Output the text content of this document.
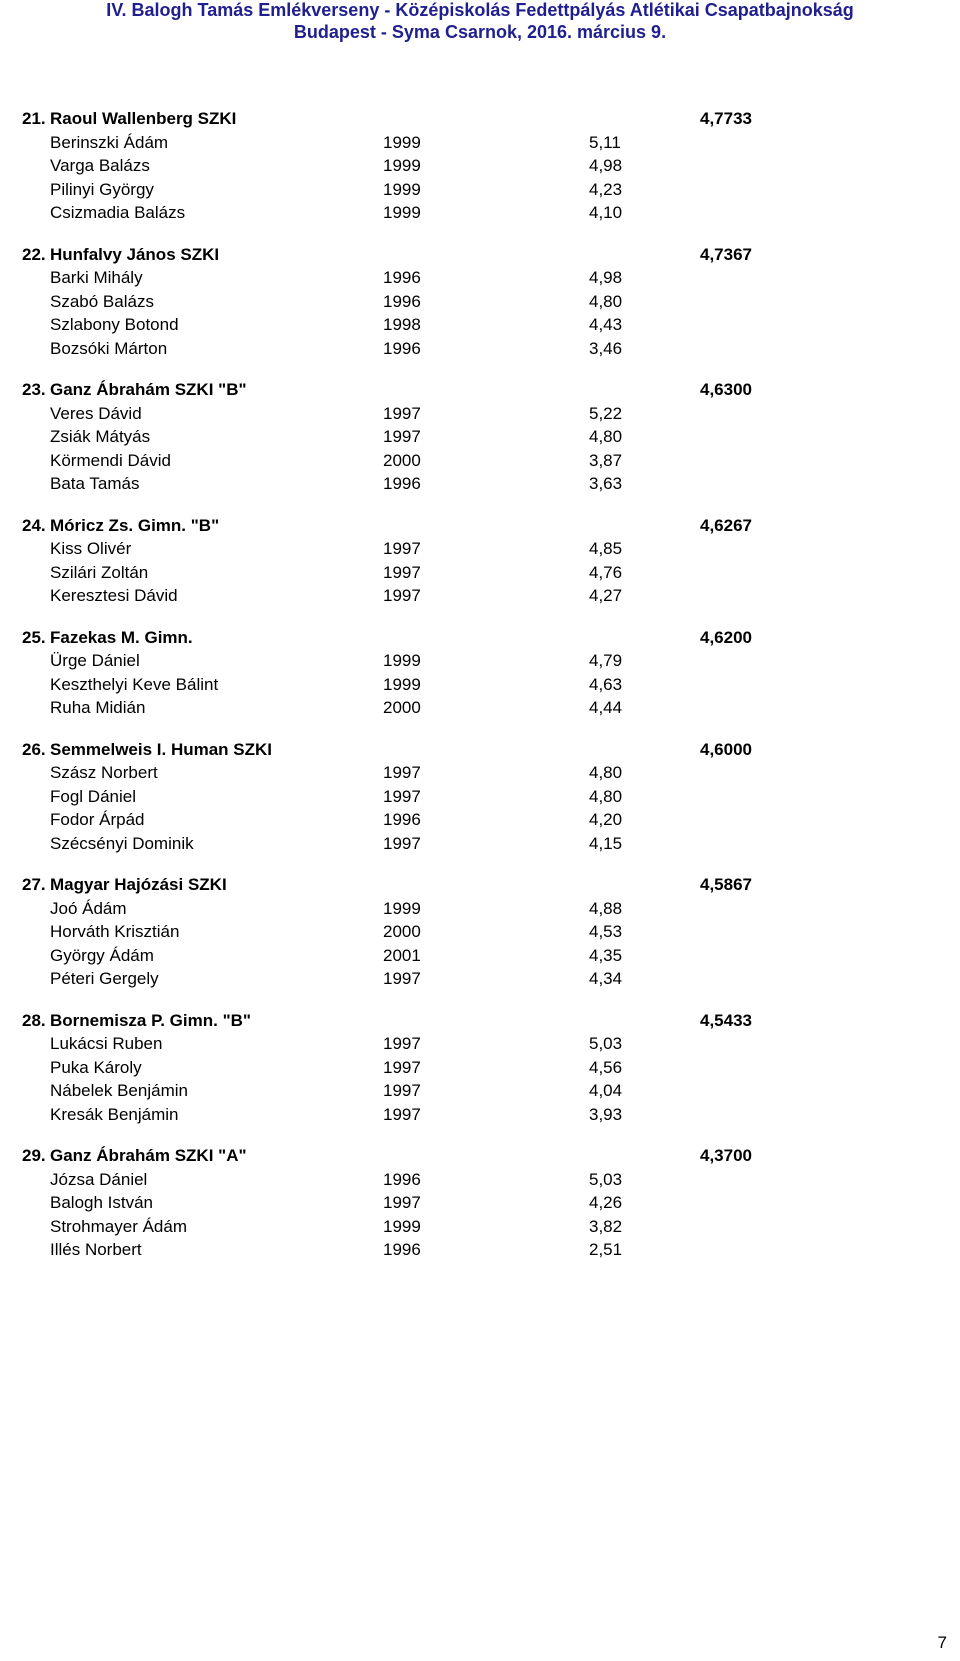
IV. Balogh Tamás Emlékverseny - Középiskolás Fedettpályás Atlétikai Csapatbajnokság
Budapest - Syma Csarnok, 2016. március 9.
21. Raoul Wallenberg SZKI	4,7733
Berinszki Ádám	1999	5,11
Varga Balázs	1999	4,98
Pilinyi György	1999	4,23
Csizmadia Balázs	1999	4,10
22. Hunfalvy János SZKI	4,7367
Barki Mihály	1996	4,98
Szabó Balázs	1996	4,80
Szlabony Botond	1998	4,43
Bozsóki Márton	1996	3,46
23. Ganz Ábrahám SZKI "B"	4,6300
Veres Dávid	1997	5,22
Zsiák Mátyás	1997	4,80
Körmendi Dávid	2000	3,87
Bata Tamás	1996	3,63
24. Móricz Zs. Gimn. "B"	4,6267
Kiss Olivér	1997	4,85
Szilári Zoltán	1997	4,76
Keresztesi Dávid	1997	4,27
25. Fazekas M. Gimn.	4,6200
Ürge Dániel	1999	4,79
Keszthelyi Keve Bálint	1999	4,63
Ruha Midián	2000	4,44
26. Semmelweis I. Human SZKI	4,6000
Szász Norbert	1997	4,80
Fogl Dániel	1997	4,80
Fodor Árpád	1996	4,20
Szécsényi Dominik	1997	4,15
27. Magyar Hajózási SZKI	4,5867
Joó Ádám	1999	4,88
Horváth Krisztián	2000	4,53
György Ádám	2001	4,35
Péteri Gergely	1997	4,34
28. Bornemisza P. Gimn. "B"	4,5433
Lukácsi Ruben	1997	5,03
Puka Károly	1997	4,56
Nábelek Benjámin	1997	4,04
Kresák Benjámin	1997	3,93
29. Ganz Ábrahám SZKI "A"	4,3700
Józsa Dániel	1996	5,03
Balogh István	1997	4,26
Strohmayer Ádám	1999	3,82
Illés Norbert	1996	2,51
7
